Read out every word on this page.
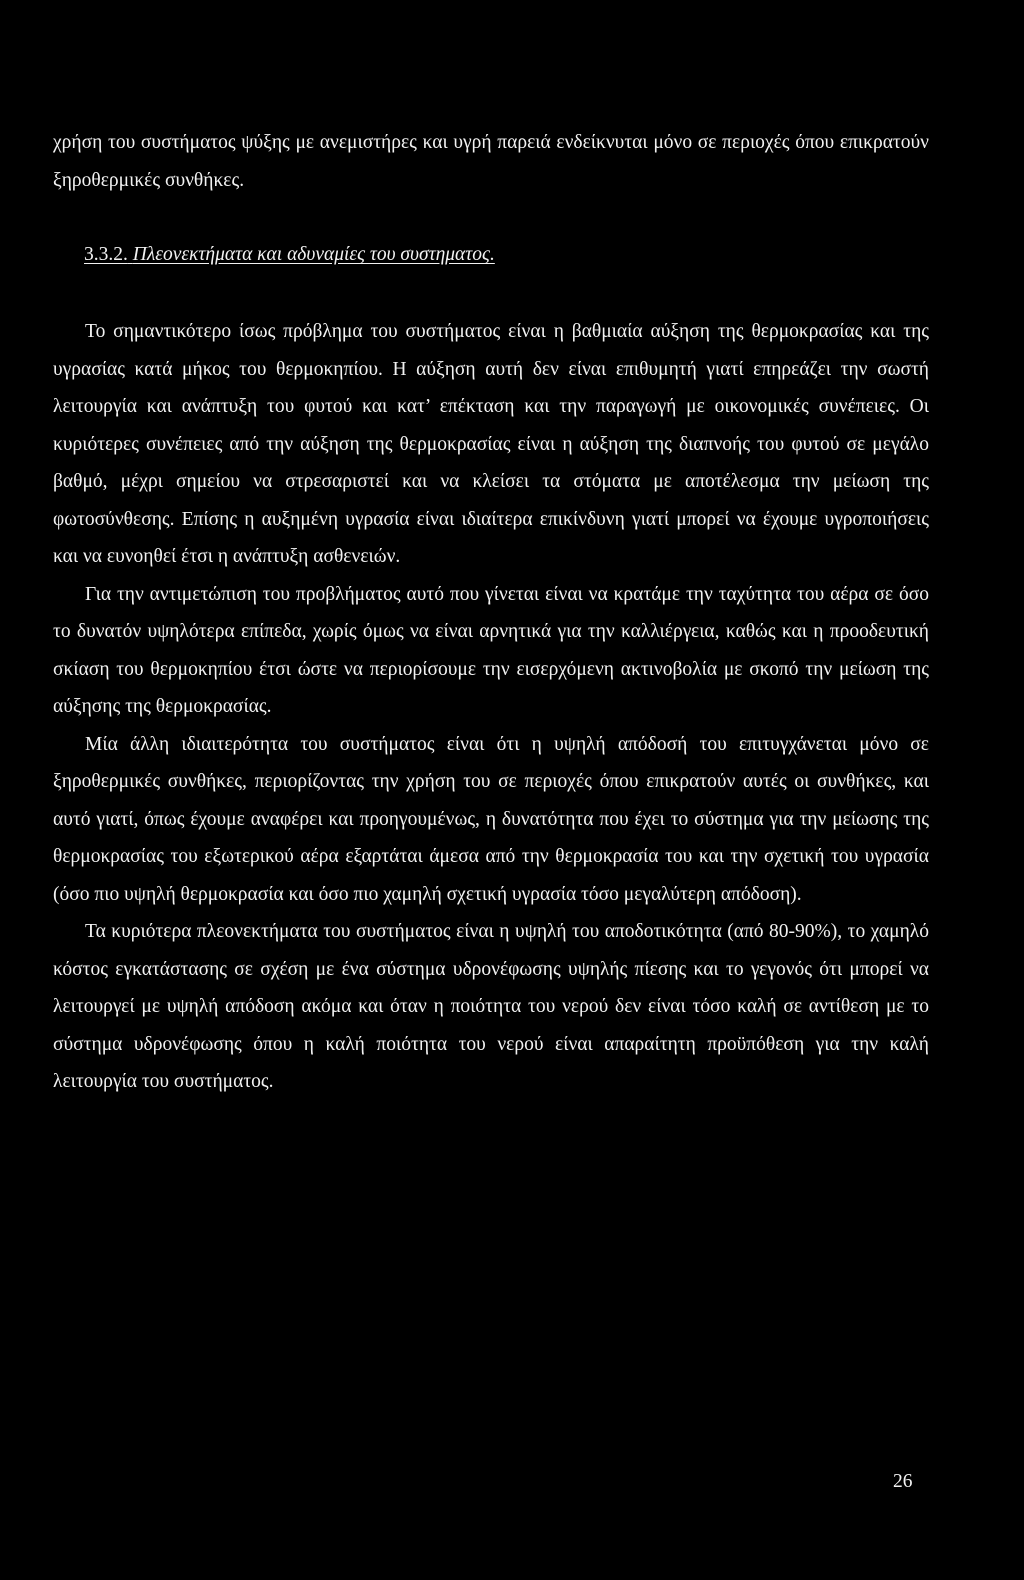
χρήση του συστήματος ψύξης με ανεμιστήρες και υγρή παρειά ενδείκνυται μόνο σε περιοχές όπου επικρατούν ξηροθερμικές συνθήκες.

3.3.2. Πλεονεκτήματα και αδυναμίες του συστηματος.

Το σημαντικότερο ίσως πρόβλημα του συστήματος είναι η βαθμιαία αύξηση της θερμοκρασίας και της υγρασίας κατά μήκος του θερμοκηπίου. Η αύξηση αυτή δεν είναι επιθυμητή γιατί επηρεάζει την σωστή λειτουργία και ανάπτυξη του φυτού και κατ’ επέκταση και την παραγωγή με οικονομικές συνέπειες. Οι κυριότερες συνέπειες από την αύξηση της θερμοκρασίας είναι η αύξηση της διαπνοής του φυτού σε μεγάλο βαθμό, μέχρι σημείου να στρεσαριστεί και να κλείσει τα στόματα με αποτέλεσμα την μείωση της φωτοσύνθεσης. Επίσης η αυξημένη υγρασία είναι ιδιαίτερα επικίνδυνη γιατί μπορεί να έχουμε υγροποιήσεις και να ευνοηθεί έτσι η ανάπτυξη ασθενειών.

Για την αντιμετώπιση του προβλήματος αυτό που γίνεται είναι να κρατάμε την ταχύτητα του αέρα σε όσο το δυνατόν υψηλότερα επίπεδα, χωρίς όμως να είναι αρνητικά για την καλλιέργεια, καθώς και η προοδευτική σκίαση του θερμοκηπίου έτσι ώστε να περιορίσουμε την εισερχόμενη ακτινοβολία με σκοπό την μείωση της αύξησης της θερμοκρασίας.

Μία άλλη ιδιαιτερότητα του συστήματος είναι ότι η υψηλή απόδοσή του επιτυγχάνεται μόνο σε ξηροθερμικές συνθήκες, περιορίζοντας την χρήση του σε περιοχές όπου επικρατούν αυτές οι συνθήκες, και αυτό γιατί, όπως έχουμε αναφέρει και προηγουμένως, η δυνατότητα που έχει το σύστημα για την μείωσης της θερμοκρασίας του εξωτερικού αέρα εξαρτάται άμεσα από την θερμοκρασία του και την σχετική του υγρασία (όσο πιο υψηλή θερμοκρασία και όσο πιο χαμηλή σχετική υγρασία τόσο μεγαλύτερη απόδοση).

Τα κυριότερα πλεονεκτήματα του συστήματος είναι η υψηλή του αποδοτικότητα (από 80-90%), το χαμηλό κόστος εγκατάστασης σε σχέση με ένα σύστημα υδρονέφωσης υψηλής πίεσης και το γεγονός ότι μπορεί να λειτουργεί με υψηλή απόδοση ακόμα και όταν η ποιότητα του νερού δεν είναι τόσο καλή σε αντίθεση με το σύστημα υδρονέφωσης όπου η καλή ποιότητα του νερού είναι απαραίτητη προϋπόθεση για την καλή λειτουργία του συστήματος.

26
